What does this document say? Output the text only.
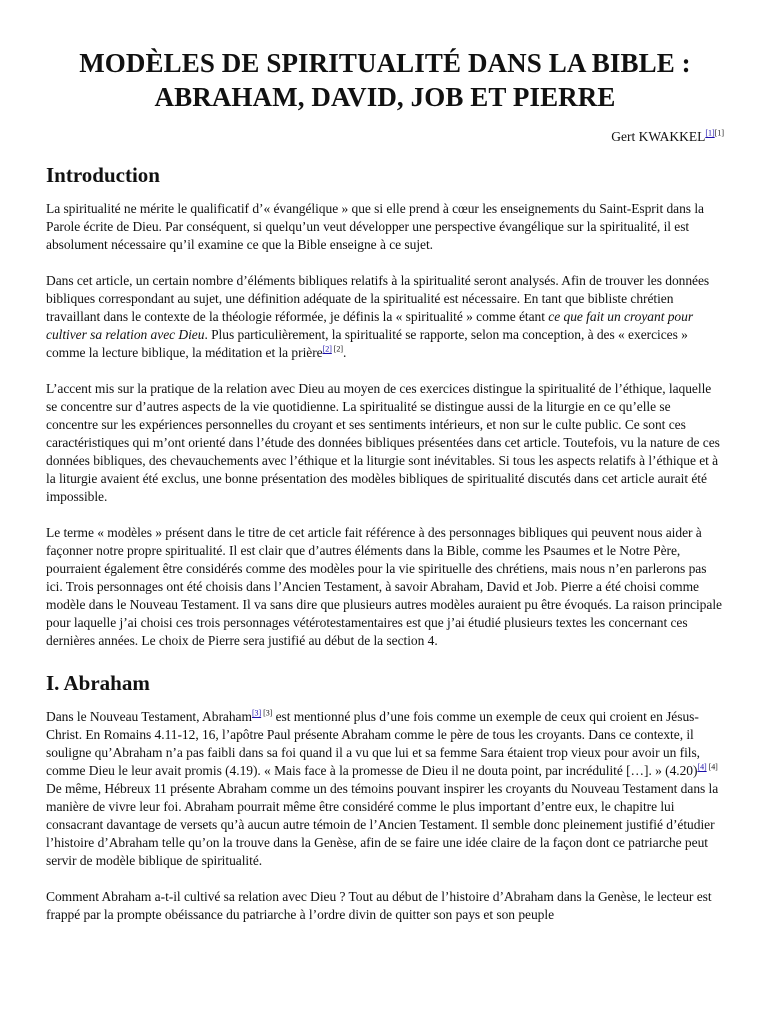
MODÈLES DE SPIRITUALITÉ DANS LA BIBLE :
ABRAHAM, DAVID, JOB ET PIERRE
Gert KWAKKEL[1][1]
Introduction

La spiritualité ne mérite le qualificatif d’« évangélique » que si elle prend à cœur les enseignements du Saint-Esprit dans la Parole écrite de Dieu. Par conséquent, si quelqu’un veut développer une perspective évangélique sur la spiritualité, il est absolument nécessaire qu’il examine ce que la Bible enseigne à ce sujet.

Dans cet article, un certain nombre d’éléments bibliques relatifs à la spiritualité seront analysés. Afin de trouver les données bibliques correspondant au sujet, une définition adéquate de la spiritualité est nécessaire. En tant que bibliste chrétien travaillant dans le contexte de la théologie réformée, je définis la « spiritualité » comme étant ce que fait un croyant pour cultiver sa relation avec Dieu. Plus particulièrement, la spiritualité se rapporte, selon ma conception, à des « exercices » comme la lecture biblique, la méditation et la prière[2] [2].

L’accent mis sur la pratique de la relation avec Dieu au moyen de ces exercices distingue la spiritualité de l’éthique, laquelle se concentre sur d’autres aspects de la vie quotidienne. La spiritualité se distingue aussi de la liturgie en ce qu’elle se concentre sur les expériences personnelles du croyant et ses sentiments intérieurs, et non sur le culte public. Ce sont ces caractéristiques qui m’ont orienté dans l’étude des données bibliques présentées dans cet article. Toutefois, vu la nature de ces données bibliques, des chevauchements avec l’éthique et la liturgie sont inévitables. Si tous les aspects relatifs à l’éthique et à la liturgie avaient été exclus, une bonne présentation des modèles bibliques de spiritualité discutés dans cet article aurait été impossible.

Le terme « modèles » présent dans le titre de cet article fait référence à des personnages bibliques qui peuvent nous aider à façonner notre propre spiritualité. Il est clair que d’autres éléments dans la Bible, comme les Psaumes et le Notre Père, pourraient également être considérés comme des modèles pour la vie spirituelle des chrétiens, mais nous n’en parlerons pas ici. Trois personnages ont été choisis dans l’Ancien Testament, à savoir Abraham, David et Job. Pierre a été choisi comme modèle dans le Nouveau Testament. Il va sans dire que plusieurs autres modèles auraient pu être évoqués. La raison principale pour laquelle j’ai choisi ces trois personnages vétérotestamentaires est que j’ai étudié plusieurs textes les concernant ces dernières années. Le choix de Pierre sera justifié au début de la section 4.

I. Abraham

Dans le Nouveau Testament, Abraham[3] [3] est mentionné plus d’une fois comme un exemple de ceux qui croient en Jésus-Christ. En Romains 4.11-12, 16, l’apôtre Paul présente Abraham comme le père de tous les croyants. Dans ce contexte, il souligne qu’Abraham n’a pas faibli dans sa foi quand il a vu que lui et sa femme Sara étaient trop vieux pour avoir un fils, comme Dieu le leur avait promis (4.19). « Mais face à la promesse de Dieu il ne douta point, par incrédulité […]. » (4.20)[4] [4] De même, Hébreux 11 présente Abraham comme un des témoins pouvant inspirer les croyants du Nouveau Testament dans la manière de vivre leur foi. Abraham pourrait même être considéré comme le plus important d’entre eux, le chapitre lui consacrant davantage de versets qu’à aucun autre témoin de l’Ancien Testament. Il semble donc pleinement justifié d’étudier l’histoire d’Abraham telle qu’on la trouve dans la Genèse, afin de se faire une idée claire de la façon dont ce patriarche peut servir de modèle biblique de spiritualité.

Comment Abraham a-t-il cultivé sa relation avec Dieu ? Tout au début de l’histoire d’Abraham dans la Genèse, le lecteur est frappé par la prompte obéissance du patriarche à l’ordre divin de quitter son pays et son peuple
